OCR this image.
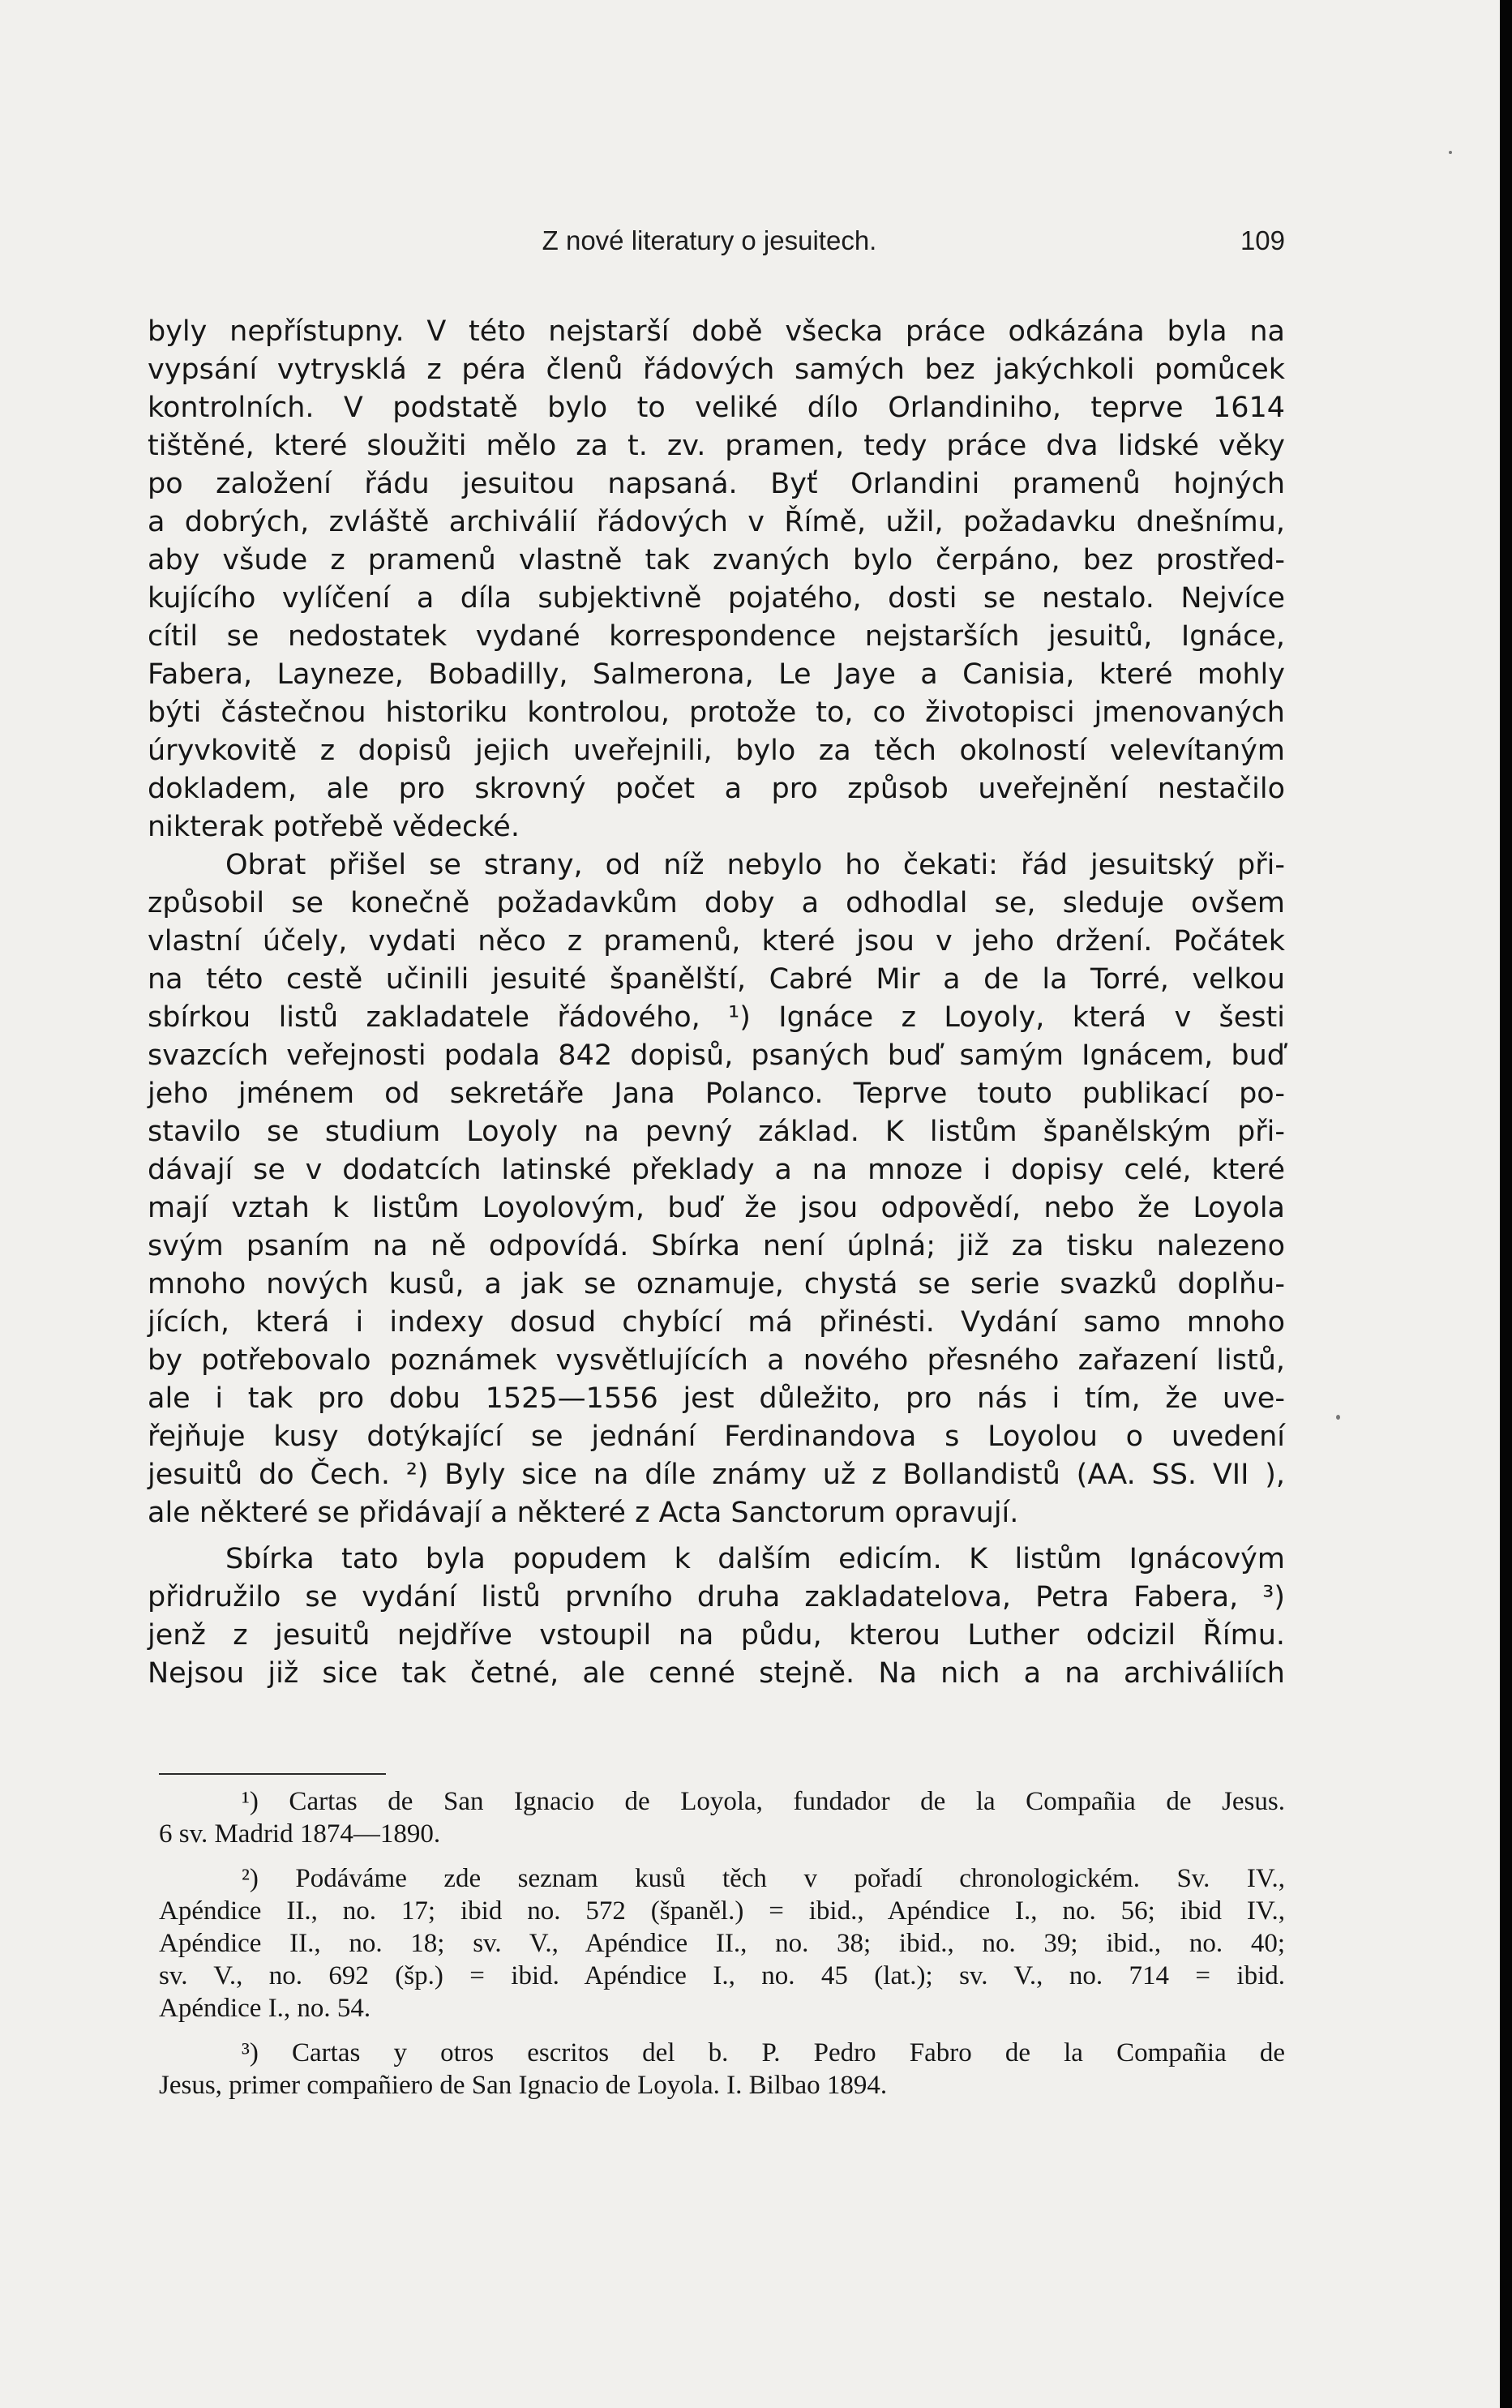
Z nové literatury o jesuitech.	109
byly nepřístupny. V této nejstarší době všecka práce odkázána byla na
vypsání vytrysklá z péra členů řádových samých bez jakýchkoli pomůcek
kontrolních. V podstatě bylo to veliké dílo Orlandiniho, teprve 1614
tištěné, které sloužiti mělo za t. zv. pramen, tedy práce dva lidské věky
po založení řádu jesuitou napsaná. Byť Orlandini pramenů hojných
a dobrých, zvláště archiválií řádových v Římě, užil, požadavku dnešnímu,
aby všude z pramenů vlastně tak zvaných bylo čerpáno, bez prostřed-
kujícího vylíčení a díla subjektivně pojatého, dosti se nestalo. Nejvíce
cítil se nedostatek vydané korrespondence nejstarších jesuitů, Ignáce,
Fabera, Layneze, Bobadilly, Salmerona, Le Jaye a Canisia, které mohly
býti částečnou historiku kontrolou, protože to, co životopisci jmenovaných
úryvkovitě z dopisů jejich uveřejnili, bylo za těch okolností velevítaným
dokladem, ale pro skrovný počet a pro způsob uveřejnění nestačilo
nikterak potřebě vědecké.
Obrat přišel se strany, od níž nebylo ho čekati: řád jesuitský při-
způsobil se konečně požadavkům doby a odhodlal se, sleduje ovšem
vlastní účely, vydati něco z pramenů, které jsou v jeho držení. Počátek
na této cestě učinili jesuité španělští, Cabré Mir a de la Torré, velkou
sbírkou listů zakladatele řádového, ¹) Ignáce z Loyoly, která v šesti
svazcích veřejnosti podala 842 dopisů, psaných buď samým Ignácem, buď
jeho jménem od sekretáře Jana Polanco. Teprve touto publikací po-
stavilo se studium Loyoly na pevný základ. K listům španělským při-
dávají se v dodatcích latinské překlady a na mnoze i dopisy celé, které
mají vztah k listům Loyolovým, buď že jsou odpovědí, nebo že Loyola
svým psaním na ně odpovídá. Sbírka není úplná; již za tisku nalezeno
mnoho nových kusů, a jak se oznamuje, chystá se serie svazků doplňu-
jících, která i indexy dosud chybící má přinésti. Vydání samo mnoho
by potřebovalo poznámek vysvětlujících a nového přesného zařazení listů,
ale i tak pro dobu 1525—1556 jest důležito, pro nás i tím, že uve-
řejňuje kusy dotýkající se jednání Ferdinandova s Loyolou o uvedení
jesuitů do Čech. ²) Byly sice na díle známy už z Bollandistů (AA. SS. VII ),
ale některé se přidávají a některé z Acta Sanctorum opravují.
Sbírka tato byla popudem k dalším edicím. K listům Ignácovým
přidružilo se vydání listů prvního druha zakladatelova, Petra Fabera, ³)
jenž z jesuitů nejdříve vstoupil na půdu, kterou Luther odcizil Římu.
Nejsou již sice tak četné, ale cenné stejně. Na nich a na archiváliích
¹) Cartas de San Ignacio de Loyola, fundador de la Compañia de Jesus.
6 sv. Madrid 1874—1890.
²) Podáváme zde seznam kusů těch v pořadí chronologickém. Sv. IV.,
Apéndice II., no. 17; ibid no. 572 (španěl.) = ibid., Apéndice I., no. 56; ibid IV.,
Apéndice II., no. 18; sv. V., Apéndice II., no. 38; ibid., no. 39; ibid., no. 40;
sv. V., no. 692 (šp.) = ibid. Apéndice I., no. 45 (lat.); sv. V., no. 714 = ibid.
Apéndice I., no. 54.
³) Cartas y otros escritos del b. P. Pedro Fabro de la Compañia de
Jesus, primer compañiero de San Ignacio de Loyola. I. Bilbao 1894.
